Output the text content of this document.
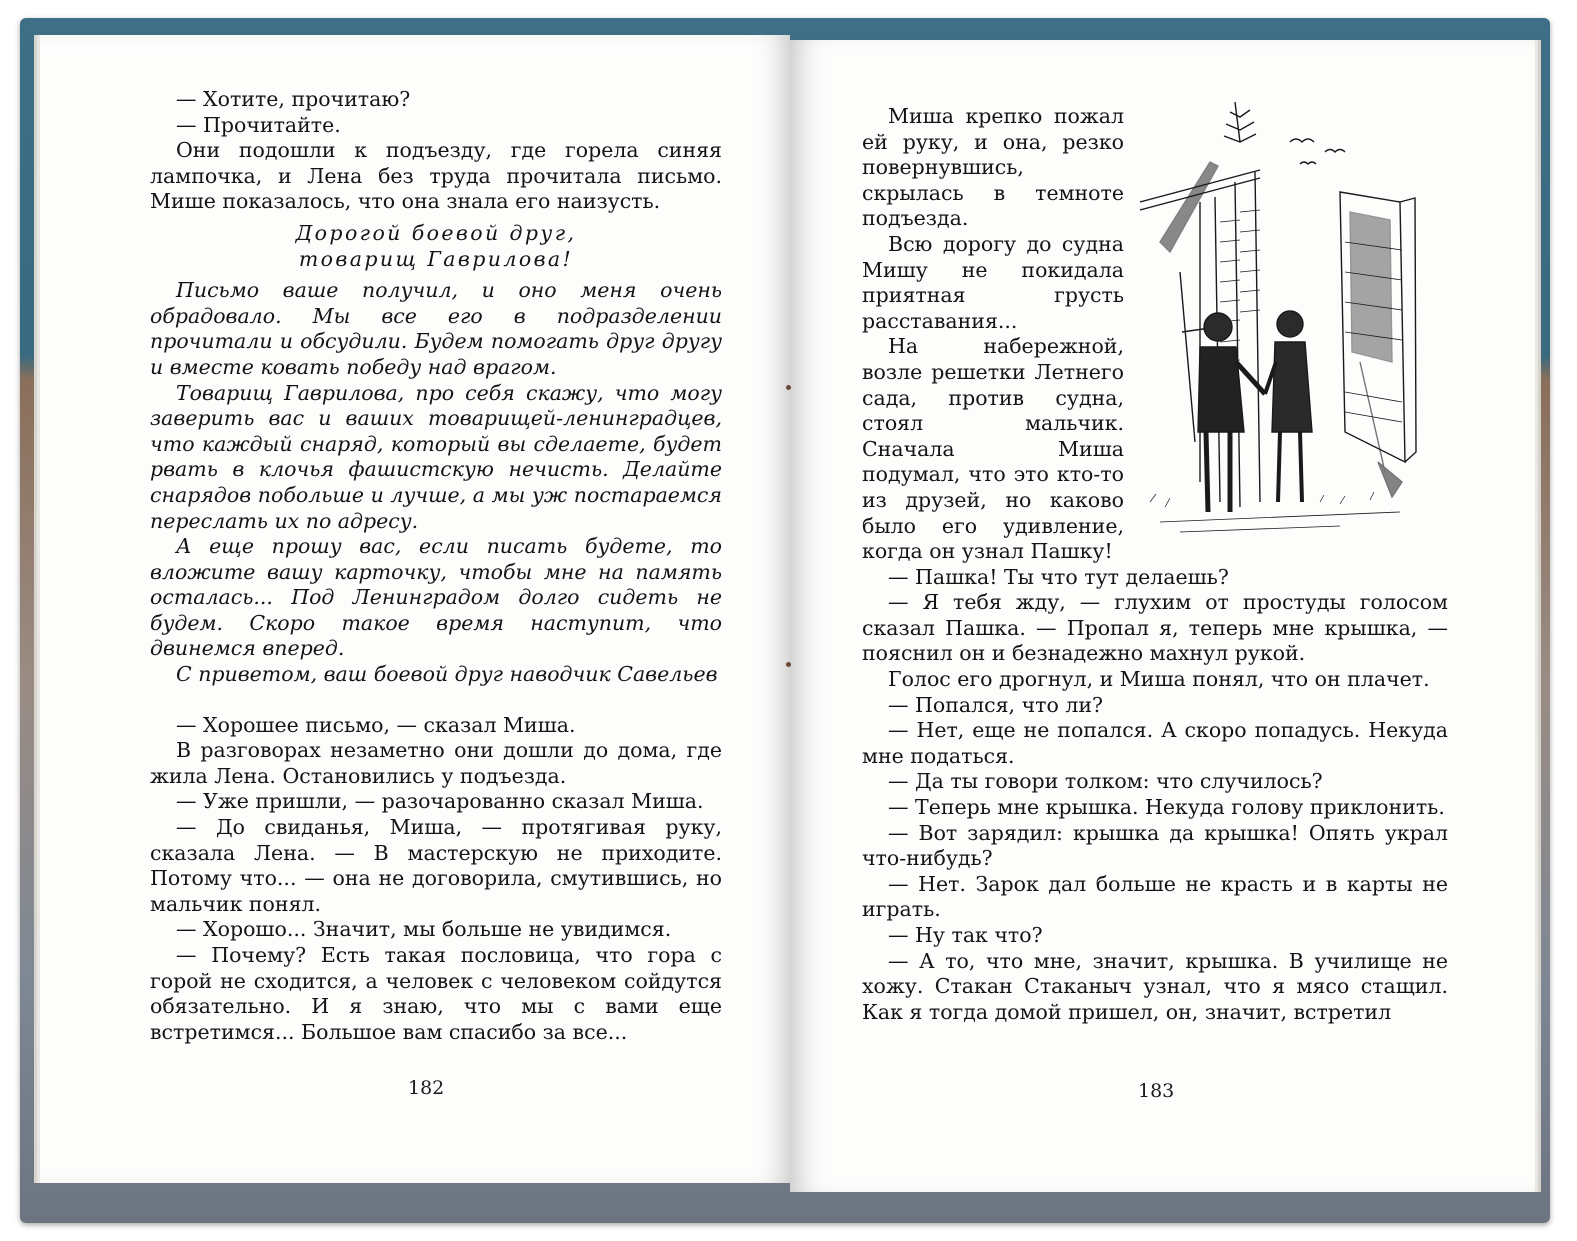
— Хотите, прочитаю?

— Прочитайте.

Они подошли к подъезду, где горела синяя лампочка, и Лена без труда прочитала письмо. Мише показалось, что она знала его наизусть.

Дорогой боевой друг,
товарищ Гаврилова!

Письмо ваше получил, и оно меня очень обрадовало. Мы все его в подразделении прочитали и обсудили. Будем помогать друг другу и вместе ковать победу над врагом.

Товарищ Гаврилова, про себя скажу, что могу заверить вас и ваших товарищей-ленинградцев, что каждый снаряд, который вы сделаете, будет рвать в клочья фашистскую нечисть. Делайте снарядов побольше и лучше, а мы уж постараемся переслать их по адресу.

А еще прошу вас, если писать будете, то вложите вашу карточку, чтобы мне на память осталась... Под Ленинградом долго сидеть не будем. Скоро такое время наступит, что двинемся вперед.

С приветом, ваш боевой друг наводчик Савельев

— Хорошее письмо, — сказал Миша.

В разговорах незаметно они дошли до дома, где жила Лена. Остановились у подъезда.

— Уже пришли, — разочарованно сказал Миша.

— До свиданья, Миша, — протягивая руку, сказала Лена. — В мастерскую не приходите. Потому что... — она не договорила, смутившись, но мальчик понял.

— Хорошо... Значит, мы больше не увидимся.

— Почему? Есть такая пословица, что гора с горой не сходится, а человек с человеком сойдутся обязательно. И я знаю, что мы с вами еще встретимся... Большое вам спасибо за все...

182

Миша крепко пожал ей руку, и она, резко повернувшись, скрылась в темноте подъезда.

Всю дорогу до судна Мишу не покидала приятная грусть расставания...

На набережной, возле решетки Летнего сада, против судна, стоял мальчик. Сначала Миша подумал, что это кто-то из друзей, но каково было его удивление, когда он узнал Пашку!

— Пашка! Ты что тут делаешь?

— Я тебя жду, — глухим от простуды голосом сказал Пашка. — Пропал я, теперь мне крышка, — пояснил он и безнадежно махнул рукой.

Голос его дрогнул, и Миша понял, что он плачет.

— Попался, что ли?

— Нет, еще не попался. А скоро попадусь. Некуда мне податься.

— Да ты говори толком: что случилось?

— Теперь мне крышка. Некуда голову приклонить.

— Вот зарядил: крышка да крышка! Опять украл что-нибудь?

— Нет. Зарок дал больше не красть и в карты не играть.

— Ну так что?

— А то, что мне, значит, крышка. В училище не хожу. Стакан Стаканыч узнал, что я мясо стащил. Как я тогда домой пришел, он, значит, встретил

183
